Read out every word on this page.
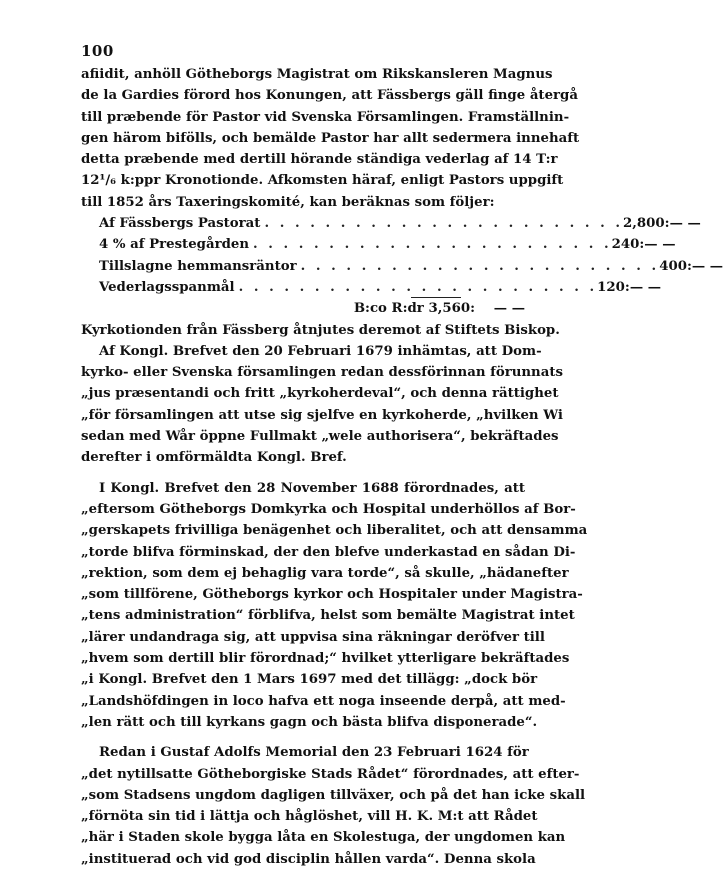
100
afiidit, anhöll Götheborgs Magistrat om Rikskansleren Magnus
de la Gardies förord hos Konungen, att Fässbergs gäll finge återgå
till præbende för Pastor vid Svenska Församlingen. Framställnin-
gen härom bifölls, och bemälde Pastor har allt sedermera innehaft
detta præbende med dertill hörande ständiga vederlag af 14 T:r
12¹/₆ k:ppr Kronotionde. Afkomsten häraf, enligt Pastors uppgift
till 1852 års Taxeringskomité, kan beräknas som följer:
Af Fässbergs Pastorat . . .	2,800: — —
4 % af Prestegården . . .	240: — —
Tillslagne hemmansräntor . . .	400: — —
Vederlagsspanmål . . .	120: — —
B:co R:dr 3,560:	— —
Kyrkotionden från Fässberg åtnjutes deremot af Stiftets Biskop.
Af Kongl. Brefvet den 20 Februari 1679 inhämtas, att Dom-
kyrko- eller Svenska församlingen redan dessförinnan förunnats
„jus præsentandi och fritt „kyrkoherdeval“, och denna rättighet
„för församlingen att utse sig sjelfve en kyrkoherde, „hvilken Wi
sedan med Wår öppne Fullmakt „wele authorisera“, bekräftades
derefter i omförmäldta Kongl. Bref.
I Kongl. Brefvet den 28 November 1688 förordnades, att
„eftersom Götheborgs Domkyrka och Hospital underhöllos af Bor-
„gerskapets frivilliga benägenhet och liberalitet, och att densamma
„torde blifva förminskad, der den blefve underkastad en sådan Di-
„rektion, som dem ej behaglig vara torde“, så skulle, „hädanefter
„som tillförene, Götheborgs kyrkor och Hospitaler under Magistra-
„tens administration“ förblifva, helst som bemälte Magistrat intet
„lärer undandraga sig, att uppvisa sina räkningar deröfver till
„hvem som dertill blir förordnad;“ hvilket ytterligare bekräftades
„i Kongl. Brefvet den 1 Mars 1697 med det tillägg: „dock bör
„Landshöfdingen in loco hafva ett noga inseende derpå, att med-
„len rätt och till kyrkans gagn och bästa blifva disponerade“.
Redan i Gustaf Adolfs Memorial den 23 Februari 1624 för
„det nytillsatte Götheborgiske Stads Rådet“ förordnades, att efter-
„som Stadsens ungdom dagligen tillväxer, och på det han icke skall
„förnöta sin tid i lättja och håglöshet, vill H. K. M:t att Rådet
„här i Staden skole bygga låta en Skolestuga, der ungdomen kan
„instituerad och vid god disciplin hållen varda“. Denna skola
